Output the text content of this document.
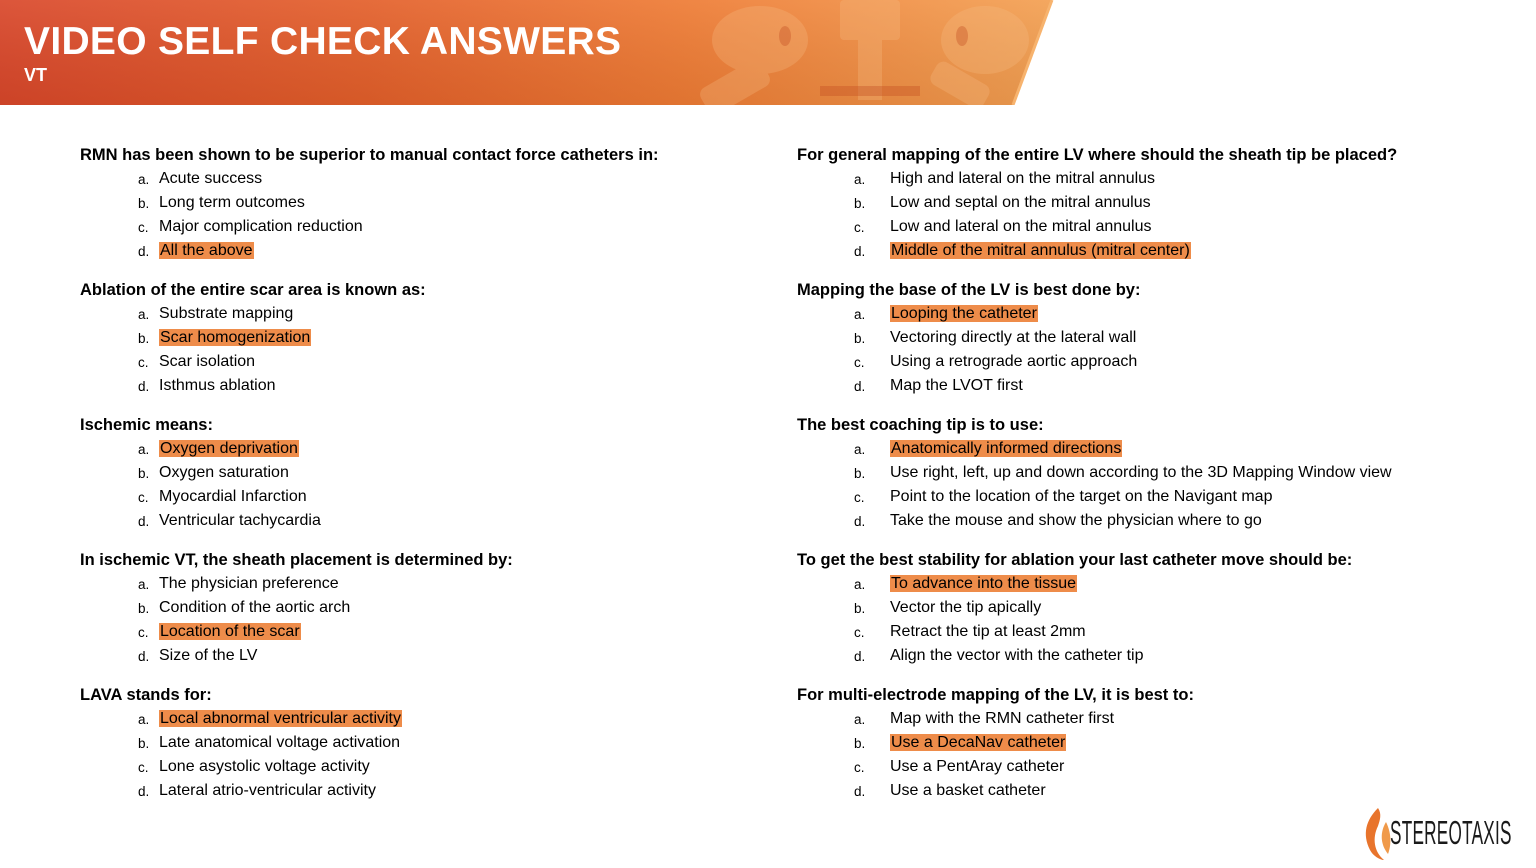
VIDEO SELF CHECK ANSWERS
VT
RMN has been shown to be superior to manual contact force catheters in:
a. Acute success
b. Long term outcomes
c. Major complication reduction
d. All the above
Ablation of the entire scar area is known as:
a. Substrate mapping
b. Scar homogenization
c. Scar isolation
d. Isthmus ablation
Ischemic means:
a. Oxygen deprivation
b. Oxygen saturation
c. Myocardial Infarction
d. Ventricular tachycardia
In ischemic VT, the sheath placement is determined by:
a. The physician preference
b. Condition of the aortic arch
c. Location of the scar
d. Size of the LV
LAVA stands for:
a. Local abnormal ventricular activity
b. Late anatomical voltage activation
c. Lone asystolic voltage activity
d. Lateral atrio-ventricular activity
For general mapping of the entire LV where should the sheath tip be placed?
a. High and lateral on the mitral annulus
b. Low and septal on the mitral annulus
c. Low and lateral on the mitral annulus
d. Middle of the mitral annulus (mitral center)
Mapping the base of the LV is best done by:
a. Looping the catheter
b. Vectoring directly at the lateral wall
c. Using a retrograde aortic approach
d. Map the LVOT first
The best coaching tip is to use:
a. Anatomically informed directions
b. Use right, left, up and down according to the 3D Mapping Window view
c. Point to the location of the target on the Navigant map
d. Take the mouse and show the physician where to go
To get the best stability for ablation your last catheter move should be:
a. To advance into the tissue
b. Vector the tip apically
c. Retract the tip at least 2mm
d. Align the vector with the catheter tip
For multi-electrode mapping of the LV, it is best to:
a. Map with the RMN catheter first
b. Use a DecaNav catheter
c. Use a PentAray catheter
d. Use a basket catheter
STEREOTAXIS
